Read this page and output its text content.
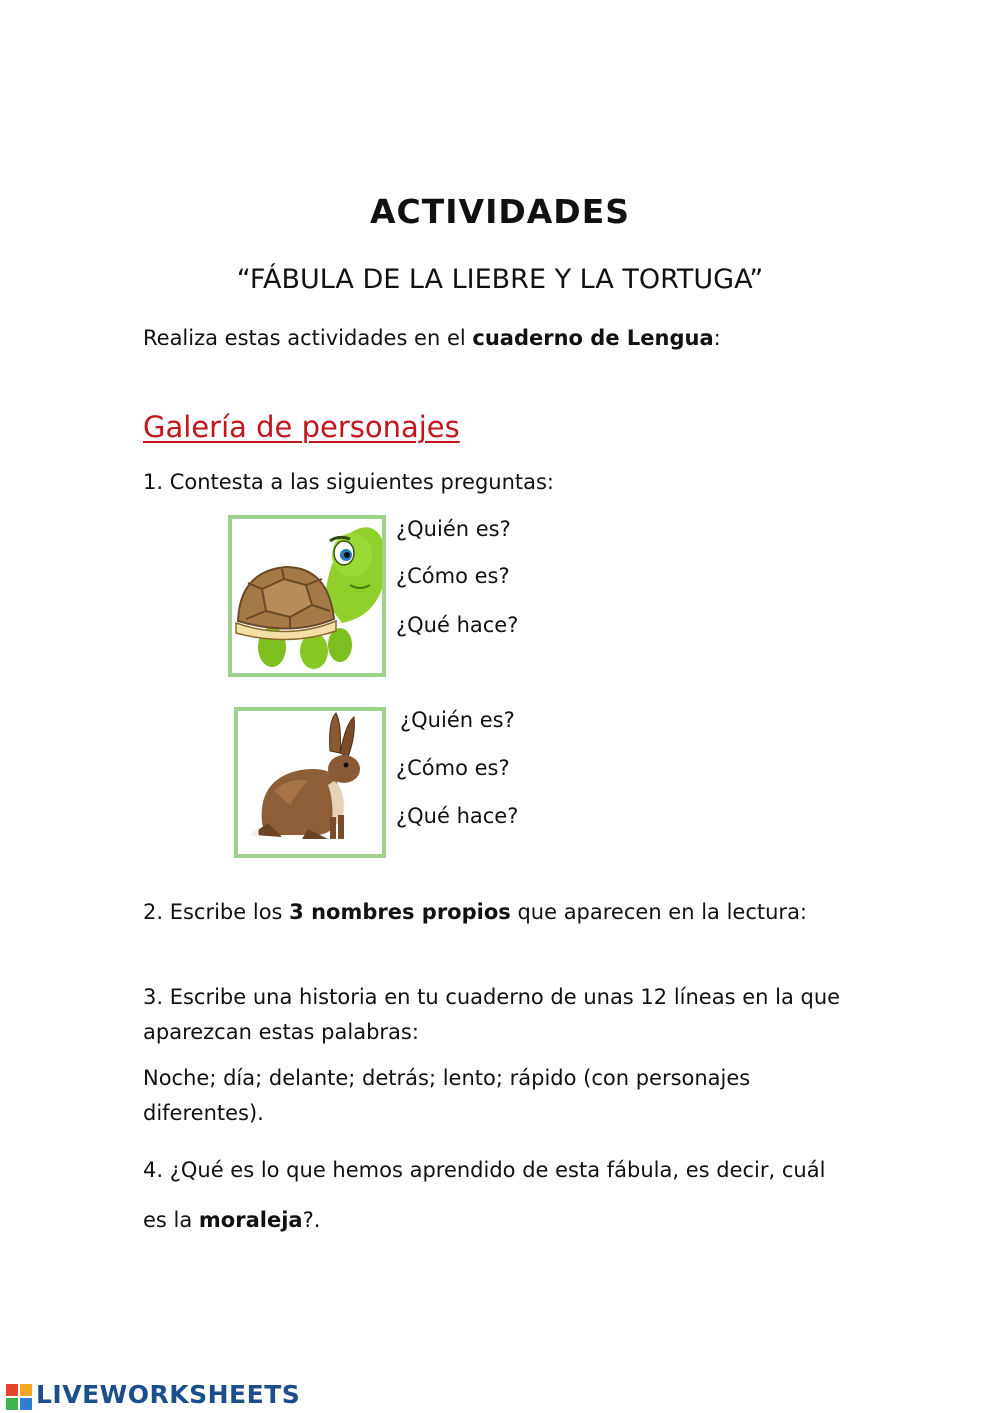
ACTIVIDADES
“FÁBULA DE LA LIEBRE Y LA TORTUGA”
Realiza estas actividades en el cuaderno de Lengua:
Galería de personajes
1. Contesta a las siguientes preguntas:
¿Quién es?
¿Cómo es?
¿Qué hace?
¿Quién es?
¿Cómo es?
¿Qué hace?
2. Escribe los 3 nombres propios que aparecen en la lectura:
3. Escribe una historia en tu cuaderno de unas 12 líneas en la que
aparezcan estas palabras:
Noche; día; delante; detrás; lento; rápido (con personajes
diferentes).
4. ¿Qué es lo que hemos aprendido de esta fábula, es decir, cuál
es la moraleja?.
LIVEWORKSHEETS
